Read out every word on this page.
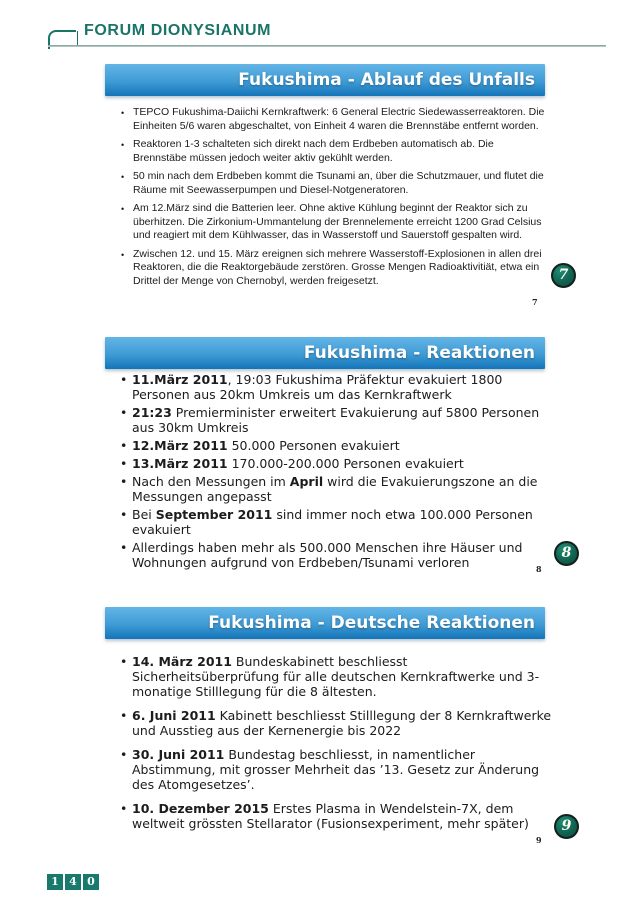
FORUM DIONYSIANUM
Fukushima - Ablauf des Unfalls
• TEPCO Fukushima-Daiichi Kernkraftwerk: 6 General Electric Siedewasserreaktoren. Die Einheiten 5/6 waren abgeschaltet, von Einheit 4 waren die Brennstäbe entfernt worden.
• Reaktoren 1-3 schalteten sich direkt nach dem Erdbeben automatisch ab. Die Brennstäbe müssen jedoch weiter aktiv gekühlt werden.
• 50 min nach dem Erdbeben kommt die Tsunami an, über die Schutzmauer, und flutet die Räume mit Seewasserpumpen und Diesel-Notgeneratoren.
• Am 12.März sind die Batterien leer. Ohne aktive Kühlung beginnt der Reaktor sich zu überhitzen. Die Zirkonium-Ummantelung der Brennelemente erreicht 1200 Grad Celsius und reagiert mit dem Kühlwasser, das in Wasserstoff und Sauerstoff gespalten wird.
• Zwischen 12. und 15. März ereignen sich mehrere Wasserstoff-Explosionen in allen drei Reaktoren, die die Reaktorgebäude zerstören. Grosse Mengen Radioaktivitiät, etwa ein Drittel der Menge von Chernobyl, werden freigesetzt.
7
7
Fukushima - Reaktionen
• 11.März 2011, 19:03 Fukushima Präfektur evakuiert 1800 Personen aus 20km Umkreis um das Kernkraftwerk
• 21:23 Premierminister erweitert Evakuierung auf 5800 Personen aus 30km Umkreis
• 12.März 2011 50.000 Personen evakuiert
• 13.März 2011 170.000-200.000 Personen evakuiert
• Nach den Messungen im April wird die Evakuierungszone an die Messungen angepasst
• Bei September 2011 sind immer noch etwa 100.000 Personen evakuiert
• Allerdings haben mehr als 500.000 Menschen ihre Häuser und Wohnungen aufgrund von Erdbeben/Tsunami verloren	8
8
Fukushima - Deutsche Reaktionen
• 14. März 2011 Bundeskabinett beschliesst Sicherheitsüberprüfung für alle deutschen Kernkraftwerke und 3-monatige Stilllegung für die 8 ältesten.
• 6. Juni 2011 Kabinett beschliesst Stilllegung der 8 Kernkraftwerke und Ausstieg aus der Kernenergie bis 2022
• 30. Juni 2011 Bundestag beschliesst, in namentlicher Abstimmung, mit grosser Mehrheit das ’13. Gesetz zur Änderung des Atomgesetzes’.
• 10. Dezember 2015 Erstes Plasma in Wendelstein-7X, dem weltweit grössten Stellarator (Fusionsexperiment, mehr später)
9
9
1 4 0
